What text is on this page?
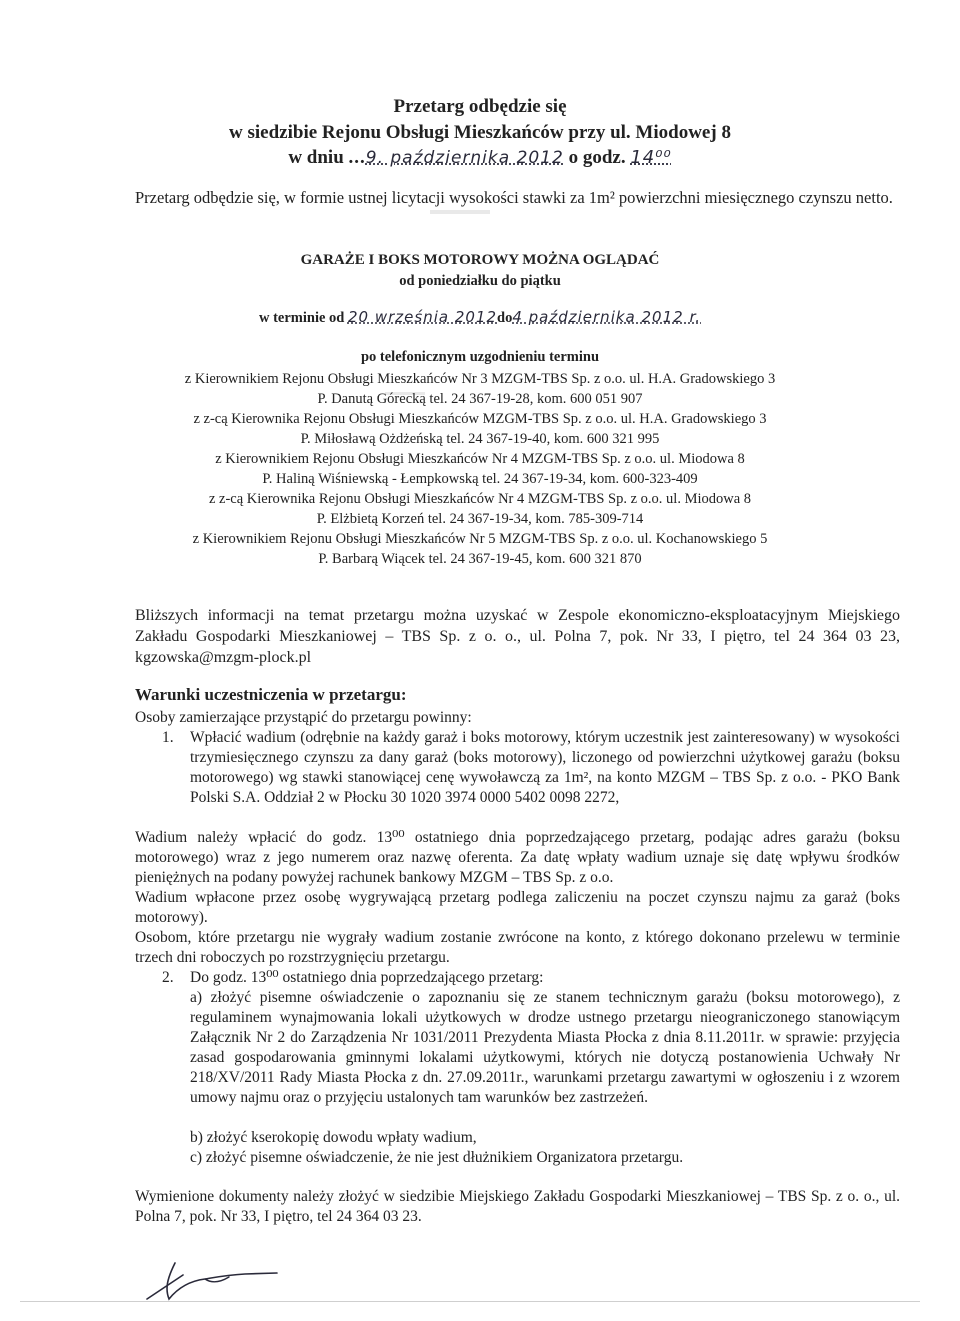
Przetarg odbędzie się
w siedzibie Rejonu Obsługi Mieszkańców przy ul. Miodowej 8
w dniu ...9. października 2012 o godz. 14⁰⁰
Przetarg odbędzie się, w formie ustnej licytacji wysokości stawki za 1m² powierzchni miesięcznego czynszu netto.
GARAŻE I BOKS MOTOROWY MOŻNA OGLĄDAĆ
od poniedziałku do piątku
w terminie od 20 września 2012do4 października 2012 r.
po telefonicznym uzgodnieniu terminu
z Kierownikiem Rejonu Obsługi Mieszkańców Nr 3 MZGM-TBS Sp. z o.o. ul. H.A. Gradowskiego 3
P. Danutą Górecką tel. 24 367-19-28, kom. 600 051 907
z z-cą Kierownika Rejonu Obsługi Mieszkańców MZGM-TBS Sp. z o.o. ul. H.A. Gradowskiego 3
P. Miłosławą Ożdżeńską tel. 24 367-19-40, kom. 600 321 995
z Kierownikiem Rejonu Obsługi Mieszkańców Nr 4 MZGM-TBS Sp. z o.o. ul. Miodowa 8
P. Haliną Wiśniewską - Łempkowską tel. 24 367-19-34, kom. 600-323-409
z z-cą Kierownika Rejonu Obsługi Mieszkańców Nr 4 MZGM-TBS Sp. z o.o. ul. Miodowa 8
P. Elżbietą Korzeń tel. 24 367-19-34, kom. 785-309-714
z Kierownikiem Rejonu Obsługi Mieszkańców Nr 5 MZGM-TBS Sp. z o.o. ul. Kochanowskiego 5
P. Barbarą Wiącek tel. 24 367-19-45, kom. 600 321 870
Bliższych informacji na temat przetargu można uzyskać w Zespole ekonomiczno-eksploatacyjnym Miejskiego Zakładu Gospodarki Mieszkaniowej – TBS Sp. z o. o., ul. Polna 7, pok. Nr 33, I piętro, tel 24 364 03 23, kgzowska@mzgm-plock.pl
Warunki uczestniczenia w przetargu:
Osoby zamierzające przystąpić do przetargu powinny:
1. Wpłacić wadium (odrębnie na każdy garaż i boks motorowy, którym uczestnik jest zainteresowany) w wysokości trzymiesięcznego czynszu za dany garaż (boks motorowy), liczonego od powierzchni użytkowej garażu (boksu motorowego) wg stawki stanowiącej cenę wywoławczą za 1m², na konto MZGM – TBS Sp. z o.o. - PKO Bank Polski S.A. Oddział 2 w Płocku 30 1020 3974 0000 5402 0098 2272,
Wadium należy wpłacić do godz. 13⁰⁰ ostatniego dnia poprzedzającego przetarg, podając adres garażu (boksu motorowego) wraz z jego numerem oraz nazwę oferenta. Za datę wpłaty wadium uznaje się datę wpływu środków pieniężnych na podany powyżej rachunek bankowy MZGM – TBS Sp. z o.o.
Wadium wpłacone przez osobę wygrywającą przetarg podlega zaliczeniu na poczet czynszu najmu za garaż (boks motorowy).
Osobom, które przetargu nie wygrały wadium zostanie zwrócone na konto, z którego dokonano przelewu w terminie trzech dni roboczych po rozstrzygnięciu przetargu.
2. Do godz. 13⁰⁰ ostatniego dnia poprzedzającego przetarg:
a) złożyć pisemne oświadczenie o zapoznaniu się ze stanem technicznym garażu (boksu motorowego), z regulaminem wynajmowania lokali użytkowych w drodze ustnego przetargu nieograniczonego stanowiącym Załącznik Nr 2 do Zarządzenia Nr 1031/2011 Prezydenta Miasta Płocka z dnia 8.11.2011r. w sprawie: przyjęcia zasad gospodarowania gminnymi lokalami użytkowymi, których nie dotyczą postanowienia Uchwały Nr 218/XV/2011 Rady Miasta Płocka z dn. 27.09.2011r., warunkami przetargu zawartymi w ogłoszeniu i z wzorem umowy najmu oraz o przyjęciu ustalonych tam warunków bez zastrzeżeń.
b) złożyć kserokopię dowodu wpłaty wadium,
c) złożyć pisemne oświadczenie, że nie jest dłużnikiem Organizatora przetargu.
Wymienione dokumenty należy złożyć w siedzibie Miejskiego Zakładu Gospodarki Mieszkaniowej – TBS Sp. z o. o., ul. Polna 7, pok. Nr 33, I piętro, tel 24 364 03 23.
